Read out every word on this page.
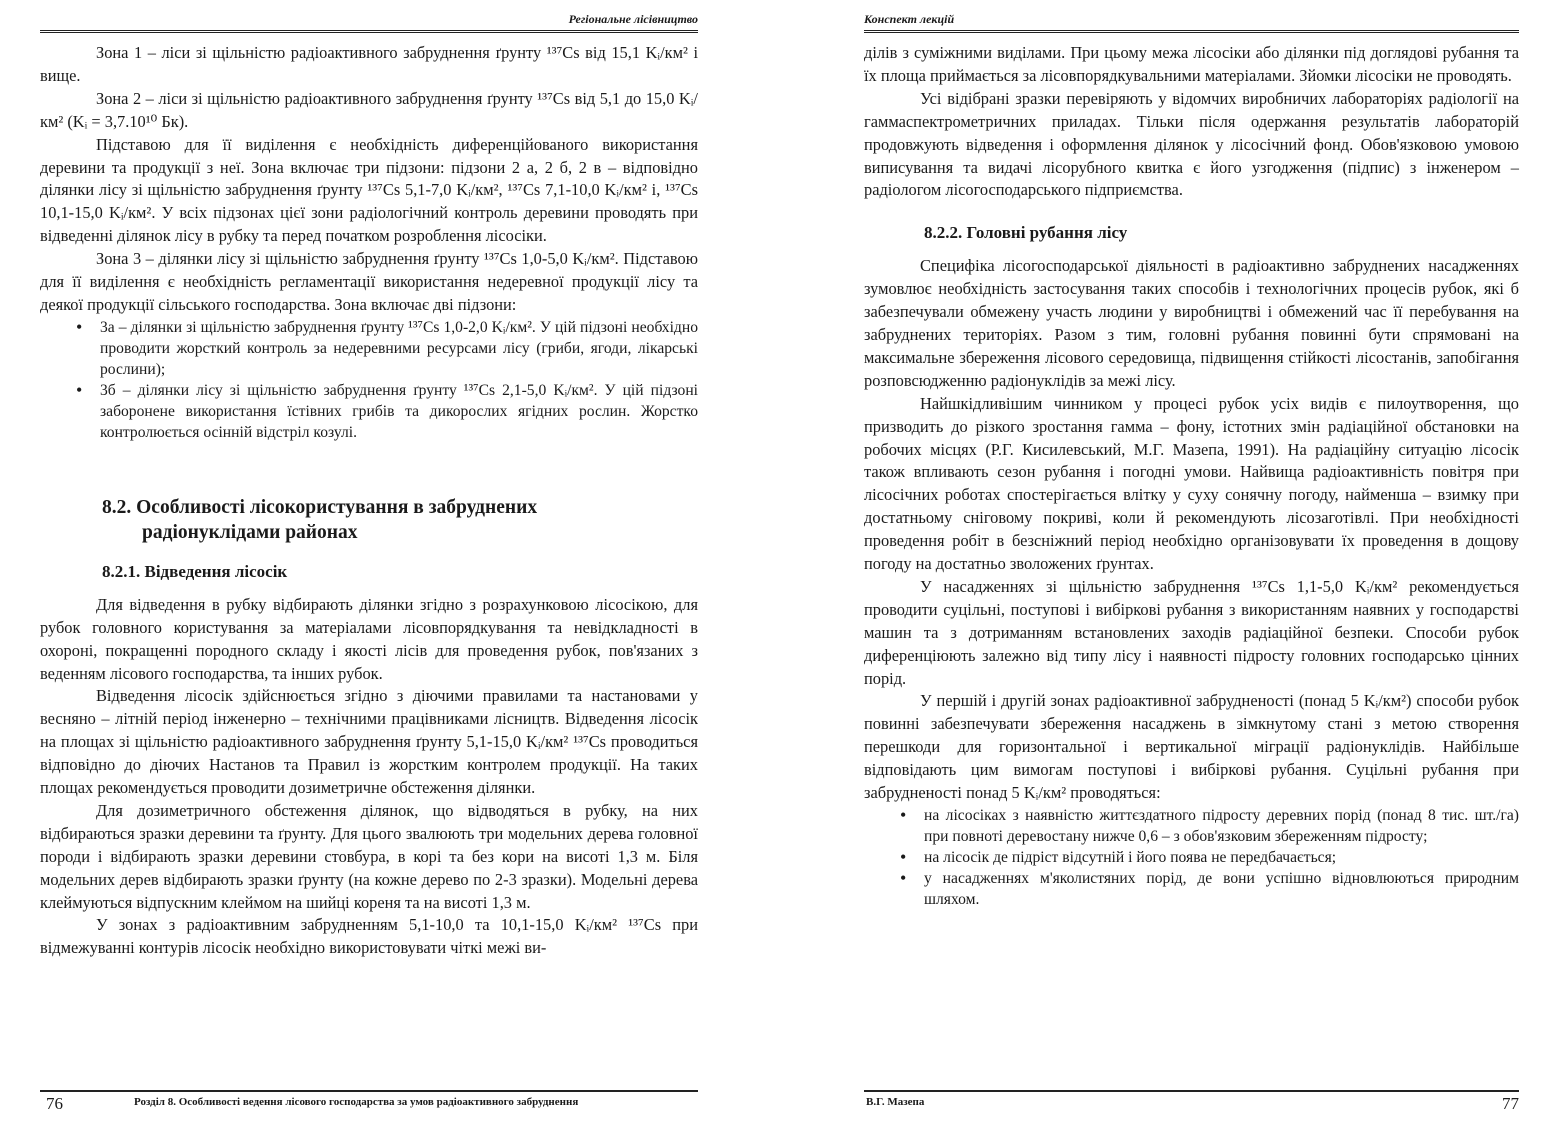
Регіональне лісівництво

Зона 1 – ліси зі щільністю радіоактивного забруднення ґрунту ¹³⁷Cs від 15,1 Kᵢ/км² і вище.

Зона 2 – ліси зі щільністю радіоактивного забруднення ґрунту ¹³⁷Cs від 5,1 до 15,0 Kᵢ/км² (Kᵢ = 3,7.10¹⁰ Бк).

Підставою для її виділення є необхідність диференційованого використання деревини та продукції з неї. Зона включає три підзони: підзони 2 а, 2 б, 2 в – відповідно ділянки лісу зі щільністю забруднення ґрунту ¹³⁷Cs 5,1-7,0 Kᵢ/км², ¹³⁷Cs 7,1-10,0 Kᵢ/км² і, ¹³⁷Cs 10,1-15,0 Kᵢ/км². У всіх підзонах цієї зони радіологічний контроль деревини проводять при відведенні ділянок лісу в рубку та перед початком розроблення лісосіки.

Зона 3 – ділянки лісу зі щільністю забруднення ґрунту ¹³⁷Cs 1,0-5,0 Kᵢ/км². Підставою для її виділення є необхідність регламентації використання недеревної продукції лісу та деякої продукції сільського господарства. Зона включає дві підзони:

• 3а – ділянки зі щільністю забруднення ґрунту ¹³⁷Cs 1,0-2,0 Kᵢ/км². У цій підзоні необхідно проводити жорсткий контроль за недеревними ресурсами лісу (гриби, ягоди, лікарські рослини);
• 3б – ділянки лісу зі щільністю забруднення ґрунту ¹³⁷Cs 2,1-5,0 Kᵢ/км². У цій підзоні заборонене використання їстівних грибів та дикорослих ягідних рослин. Жорстко контролюється осінній відстріл козулі.
8.2. Особливості лісокористування в забруднених
радіонуклідами районах
8.2.1. Відведення лісосік

Для відведення в рубку відбирають ділянки згідно з розрахунковою лісосікою, для рубок головного користування за матеріалами лісовпорядкування та невідкладності в охороні, покращенні породного складу і якості лісів для проведення рубок, пов'язаних з веденням лісового господарства, та інших рубок.

Відведення лісосік здійснюється згідно з діючими правилами та настановами у весняно – літній період інженерно – технічними працівниками лісництв. Відведення лісосік на площах зі щільністю радіоактивного забруднення ґрунту 5,1-15,0 Kᵢ/км² ¹³⁷Cs проводиться відповідно до діючих Настанов та Правил із жорстким контролем продукції. На таких площах рекомендується проводити дозиметричне обстеження ділянки.

Для дозиметричного обстеження ділянок, що відводяться в рубку, на них відбираються зразки деревини та ґрунту. Для цього звалюють три модельних дерева головної породи і відбирають зразки деревини стовбура, в корі та без кори на висоті 1,3 м. Біля модельних дерев відбирають зразки ґрунту (на кожне дерево по 2-3 зразки). Модельні дерева клеймуються відпускним клеймом на шийці кореня та на висоті 1,3 м.

У зонах з радіоактивним забрудненням 5,1-10,0 та 10,1-15,0 Kᵢ/км² ¹³⁷Cs при відмежуванні контурів лісосік необхідно використовувати чіткі межі ви-

76	Розділ 8. Особливості ведення лісового господарства за умов радіоактивного забруднення
Конспект лекцій

ділів з суміжними виділами. При цьому межа лісосіки або ділянки під доглядові рубання та їх площа приймається за лісовпорядкувальними матеріалами. Зйомки лісосіки не проводять.

Усі відібрані зразки перевіряють у відомчих виробничих лабораторіях радіології на гаммаспектрометричних приладах. Тільки після одержання результатів лабораторій продовжують відведення і оформлення ділянок у лісосічний фонд. Обов'язковою умовою виписування та видачі лісорубного квитка є його узгодження (підпис) з інженером – радіологом лісогосподарського підприємства.

8.2.2. Головні рубання лісу

Специфіка лісогосподарської діяльності в радіоактивно забруднених насадженнях зумовлює необхідність застосування таких способів і технологічних процесів рубок, які б забезпечували обмежену участь людини у виробництві і обмежений час її перебування на забруднених територіях. Разом з тим, головні рубання повинні бути спрямовані на максимальне збереження лісового середовища, підвищення стійкості лісостанів, запобігання розповсюдженню радіонуклідів за межі лісу.

Найшкідливішим чинником у процесі рубок усіх видів є пилоутворення, що призводить до різкого зростання гамма – фону, істотних змін радіаційної обстановки на робочих місцях (Р.Г. Кисилевський, М.Г. Мазепа, 1991). На радіаційну ситуацію лісосік також впливають сезон рубання і погодні умови. Найвища радіоактивність повітря при лісосічних роботах спостерігається влітку у суху сонячну погоду, найменша – взимку при достатньому сніговому покриві, коли й рекомендують лісозаготівлі. При необхідності проведення робіт в безсніжний період необхідно організовувати їх проведення в дощову погоду на достатньо зволожених ґрунтах.

У насадженнях зі щільністю забруднення ¹³⁷Cs 1,1-5,0 Kᵢ/км² рекомендується проводити суцільні, поступові і вибіркові рубання з використанням наявних у господарстві машин та з дотриманням встановлених заходів радіаційної безпеки. Способи рубок диференціюють залежно від типу лісу і наявності підросту головних господарсько цінних порід.

У першій і другій зонах радіоактивної забрудненості (понад 5 Kᵢ/км²) способи рубок повинні забезпечувати збереження насаджень в зімкнутому стані з метою створення перешкоди для горизонтальної і вертикальної міграції радіонуклідів. Найбільше відповідають цим вимогам поступові і вибіркові рубання. Суцільні рубання при забрудненості понад 5 Kᵢ/км² проводяться:

• на лісосіках з наявністю життєздатного підросту деревних порід (понад 8 тис. шт./га) при повноті деревостану нижче 0,6 – з обов'язковим збереженням підросту;
• на лісосік де підріст відсутній і його поява не передбачається;
• у насадженнях м'яколистяних порід, де вони успішно відновлюються природним шляхом.
В.Г. Мазепа	77
